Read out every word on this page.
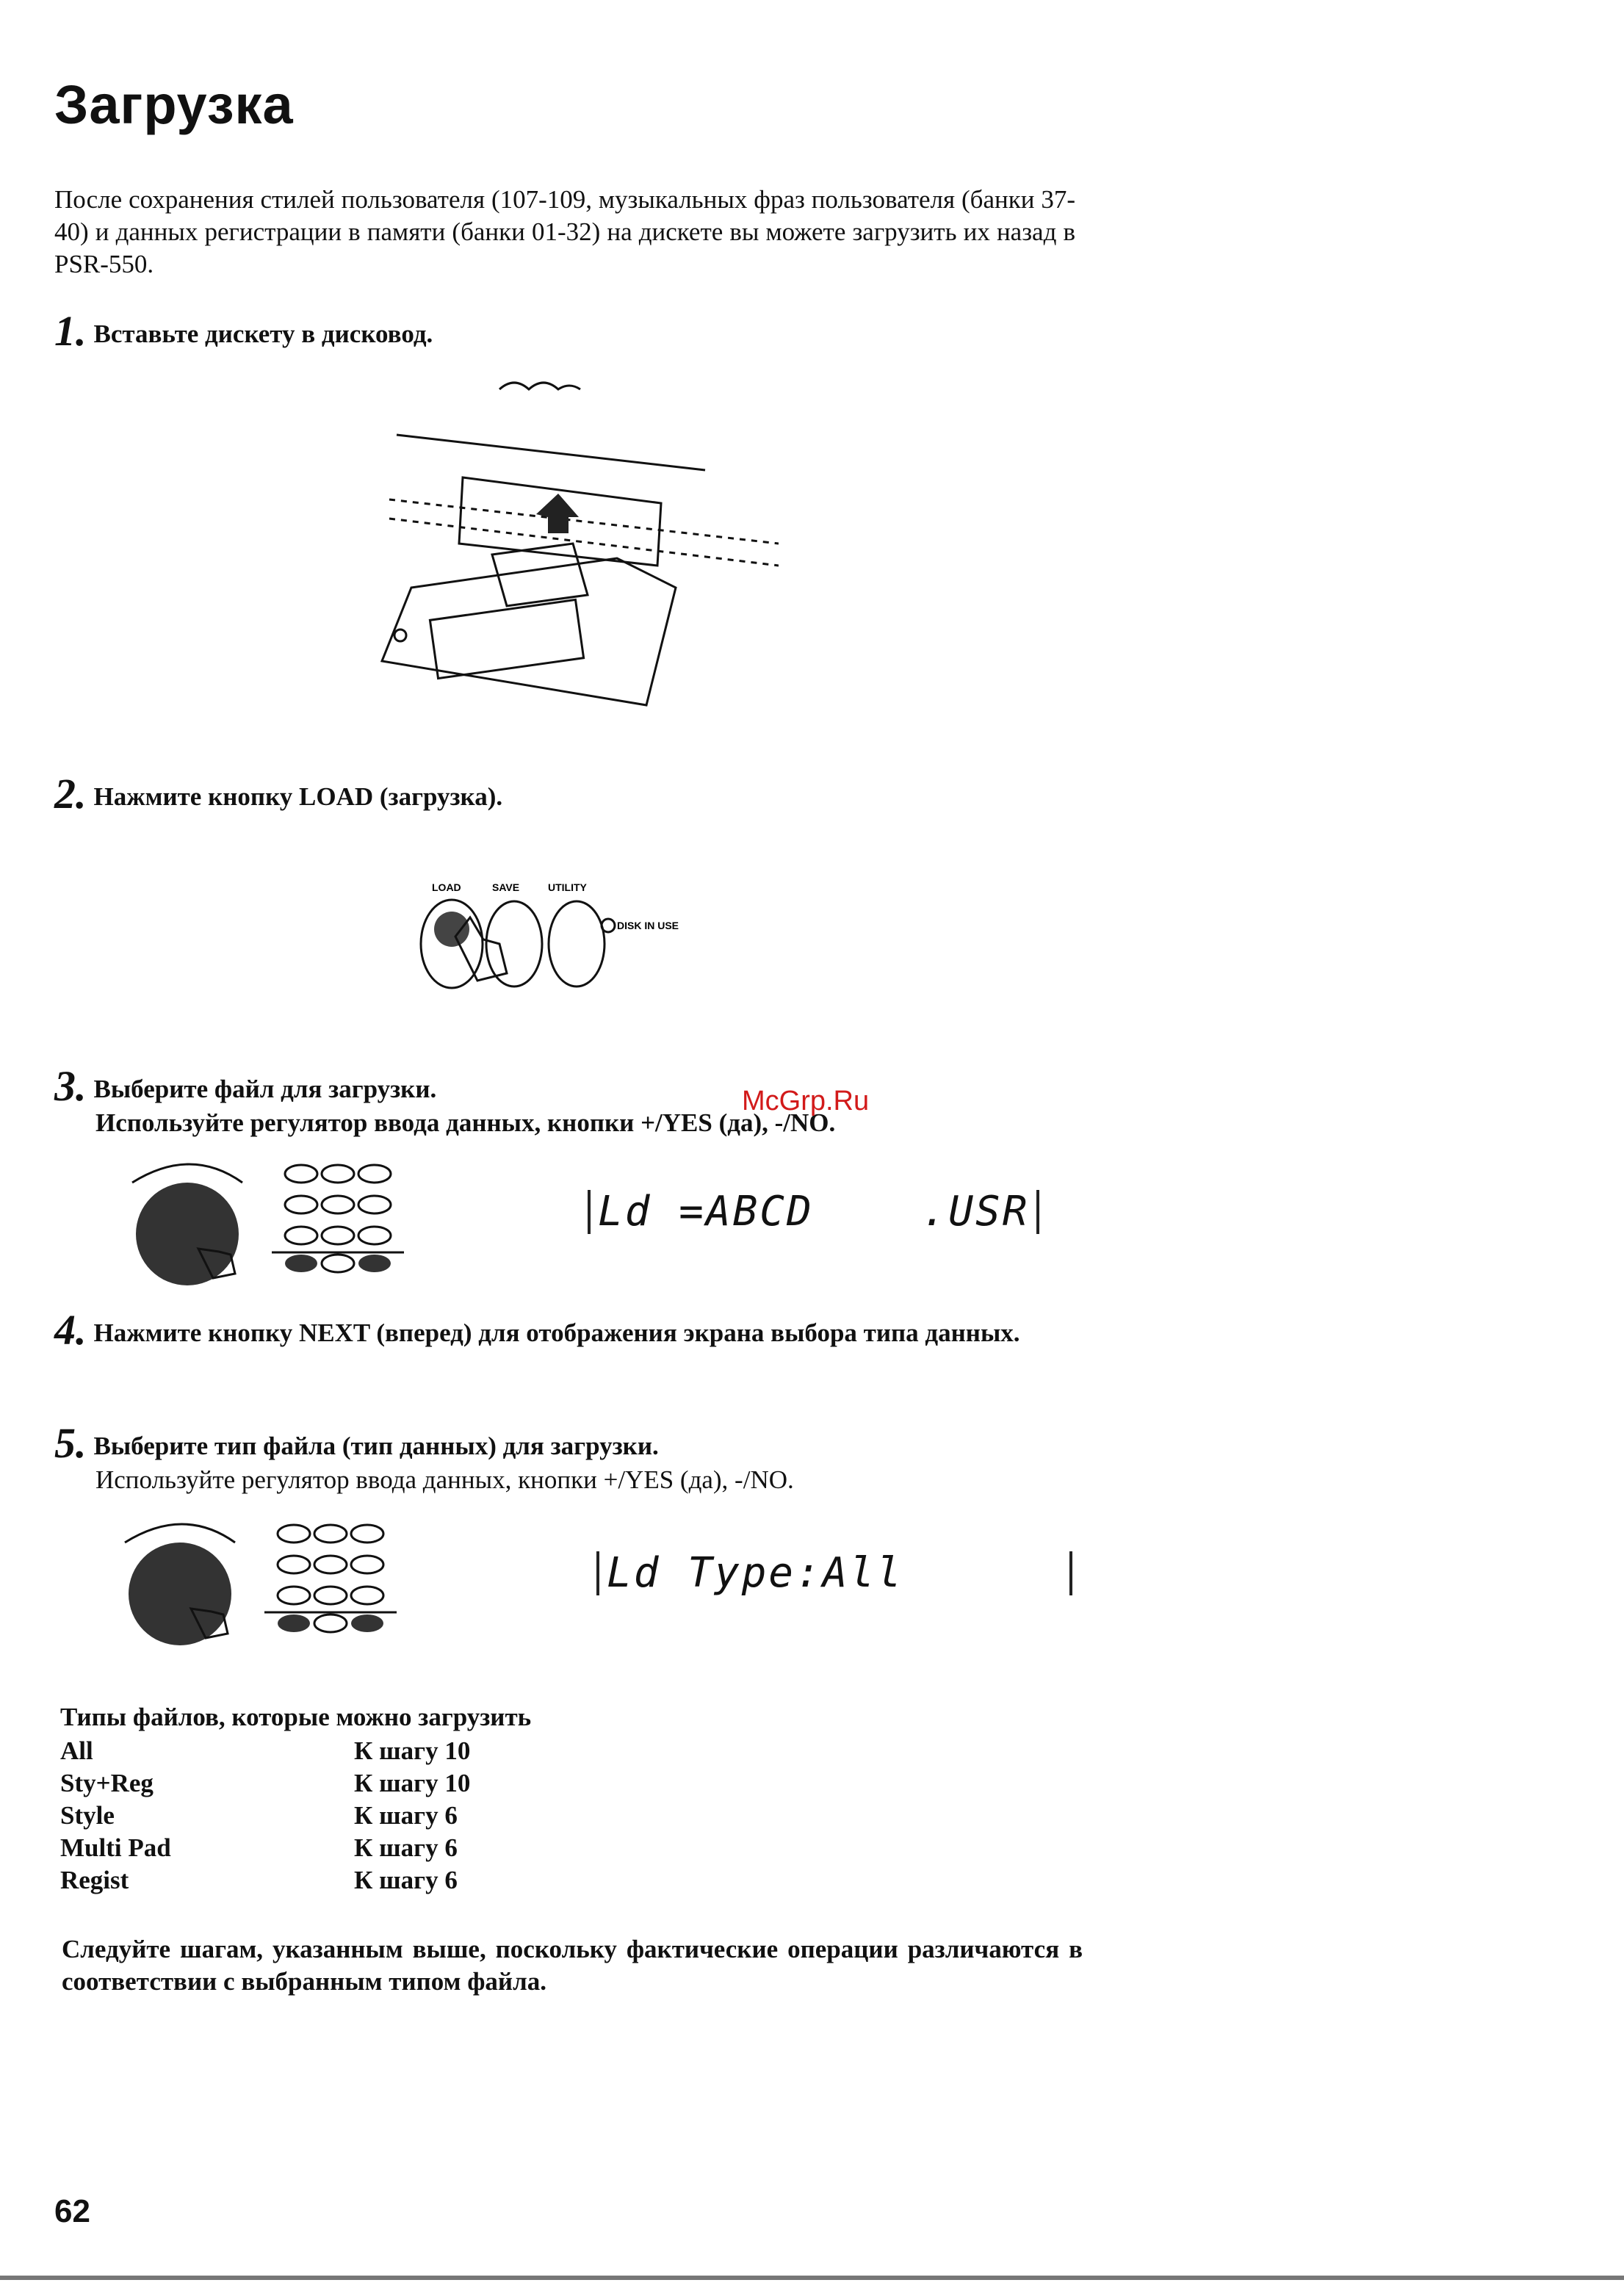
Загрузка
После сохранения стилей пользователя (107-109, музыкальных фраз пользователя (банки 37-40) и данных регистрации в памяти (банки 01-32) на дискете вы можете загрузить их назад в PSR-550.
1. Вставьте дискету в дисковод.
2. Нажмите кнопку LOAD (загрузка).
LOAD	SAVE	UTILITY
DISK IN USE
3. Выберите файл для загрузки.
Используйте регулятор ввода данных, кнопки +/YES (да), -/NO.
McGrp.Ru
Ld =ABCD    .USR
4. Нажмите кнопку NEXT (вперед) для отображения экрана выбора типа данных.
5. Выберите тип файла (тип данных) для загрузки.
Используйте регулятор ввода данных, кнопки +/YES (да), -/NO.
Ld Type:All
Типы файлов, которые можно загрузить
All	К шагу 10
Sty+Reg	К шагу 10
Style	К шагу 6
Multi Pad	К шагу 6
Regist	К шагу 6
Следуйте шагам, указанным выше, поскольку фактические операции различаются в соответствии с выбранным типом файла.
62
